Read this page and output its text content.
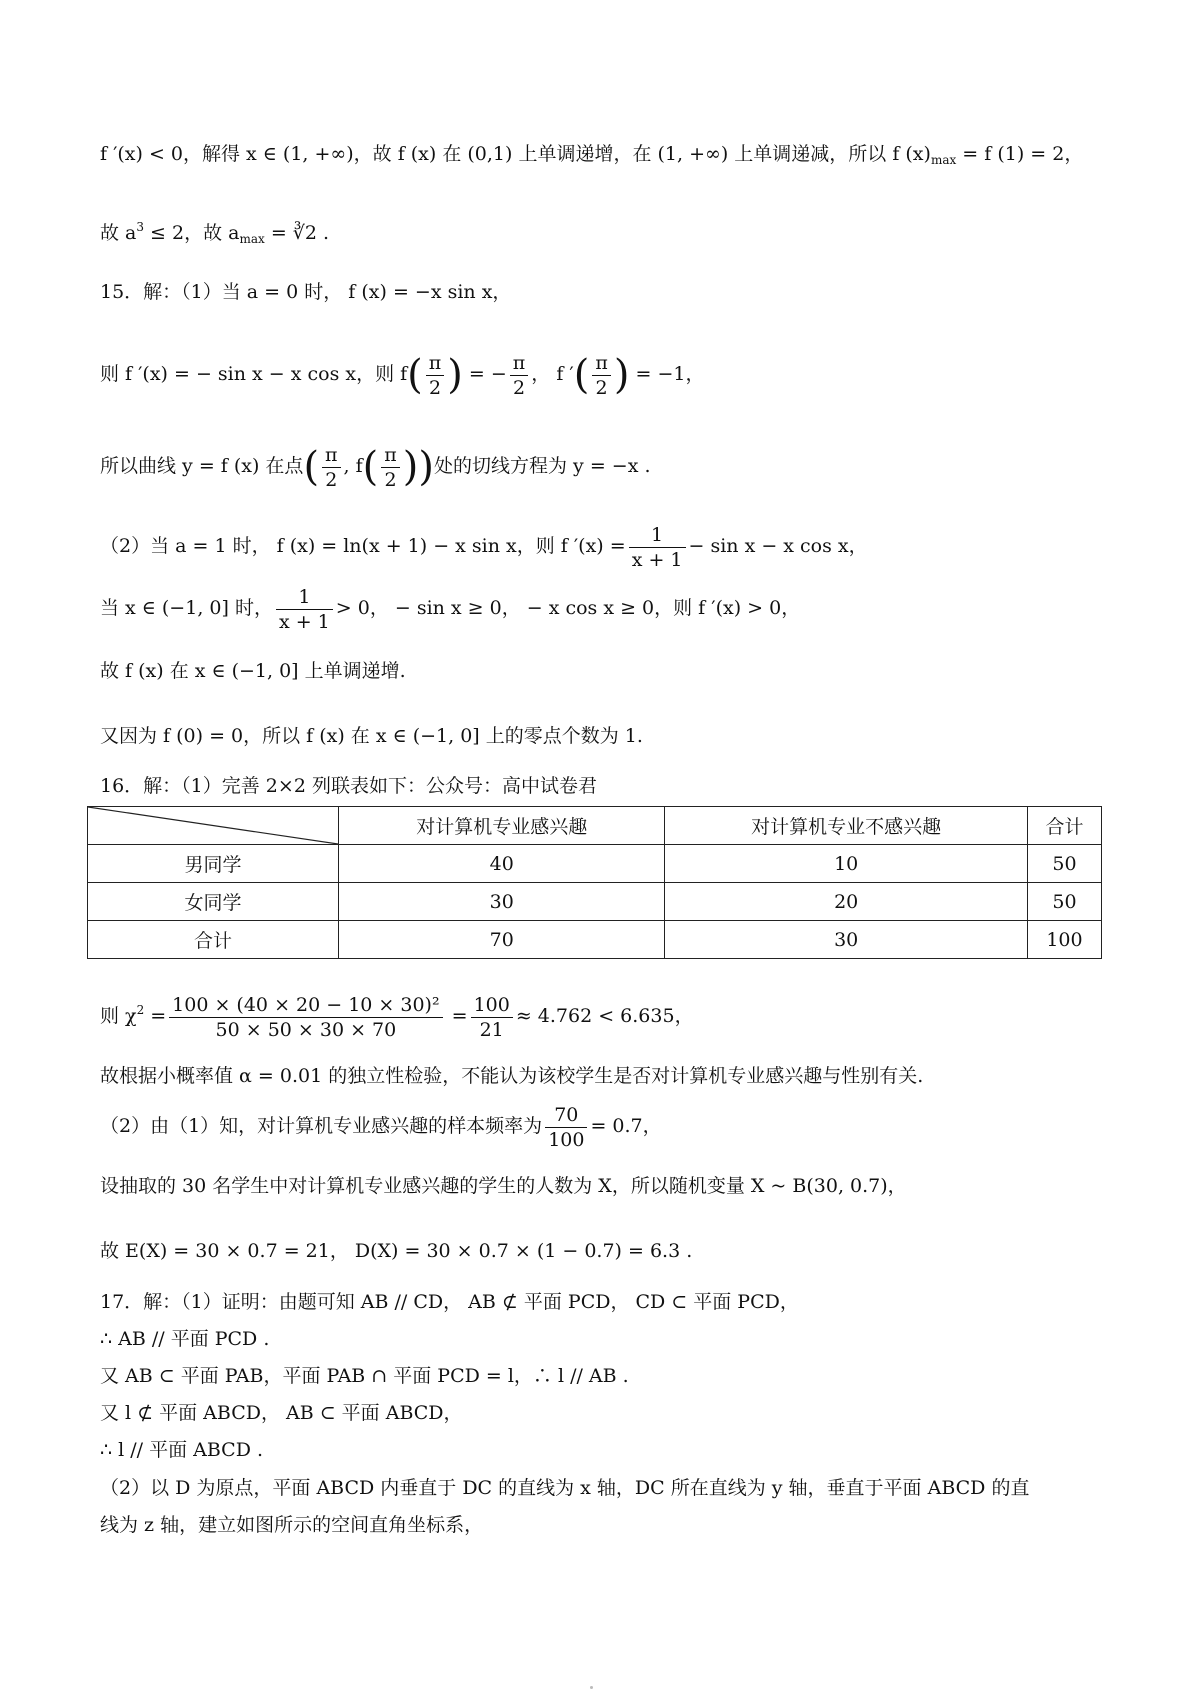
f ′(x) < 0，解得 x ∈ (1, +∞)，故 f (x) 在 (0,1) 上单调递增，在 (1, +∞) 上单调递减，所以 f $(x)_{max} = f$ (1) = 2，
故 $a^3 \le 2$，故 $a_{max}$ = ∛2 .
15．解：（1）当 a = 0 时， f (x) = −x sin x，
则 f ′(x) = − sin x − x cos x，则 $f( \frac{\pi}{2}$ ) = − $\frac{\pi}{2}$ ， f ′( $\frac{\pi}{2}$ ) = −1，
所以曲线 y = f (x) 在点( $\frac{\pi}{2}$ , $f( \frac{\pi}{2}$ ))处的切线方程为 y = −x .
（2）当 a = 1 时， f (x) = ln(x + 1) − x sin x，则 f $'(x) = \frac{1}{x + 1} - \sin x - x$ cos x，
当 x ∈ (−1, 0] 时， $\frac{1}{x + 1} > 0$， − sin x ≥ 0， − x cos x ≥ 0，则 f ′(x) > 0，
故 f (x) 在 x ∈ (−1, 0] 上单调递增.
又因为 f (0) = 0，所以 f (x) 在 x ∈ (−1, 0] 上的零点个数为 1.
16．解：（1）完善 2×2 列联表如下：公众号：高中试卷君
	对计算机专业感兴趣	对计算机专业不感兴趣	合计
男同学	40	10	50
女同学	30	20	50
合计	70	30	100
则 $\chi^2 = \frac{\text{100 × (40 × 20 − 10 × 30)²}}{50 \times 50 \times 30 \times 70} = \frac{100}{21} \approx 4.762 < 6.635$，
故根据小概率值 α = 0.01 的独立性检验，不能认为该校学生是否对计算机专业感兴趣与性别有关.
（2）由（1）知，对计算机专业感兴趣的样本频率为 $\frac{70}{100} = 0.7$，
设抽取的 30 名学生中对计算机专业感兴趣的学生的人数为 X，所以随机变量 X ~ B(30, 0.7)，
故 E(X) = 30 × 0.7 = 21， D(X) = 30 × 0.7 × (1 − 0.7) = 6.3 .
17．解：（1）证明：由题可知 AB // CD， AB ⊄ 平面 PCD， CD ⊂ 平面 PCD，
∴ AB // 平面 PCD .
又 AB ⊂ 平面 PAB，平面 PAB ∩ 平面 PCD = l，∴ l // AB .
又 l ⊄ 平面 ABCD， AB ⊂ 平面 ABCD，
∴ l // 平面 ABCD .
（2）以 D 为原点，平面 ABCD 内垂直于 DC 的直线为 x 轴，DC 所在直线为 y 轴，垂直于平面 ABCD 的直
线为 z 轴，建立如图所示的空间直角坐标系，
